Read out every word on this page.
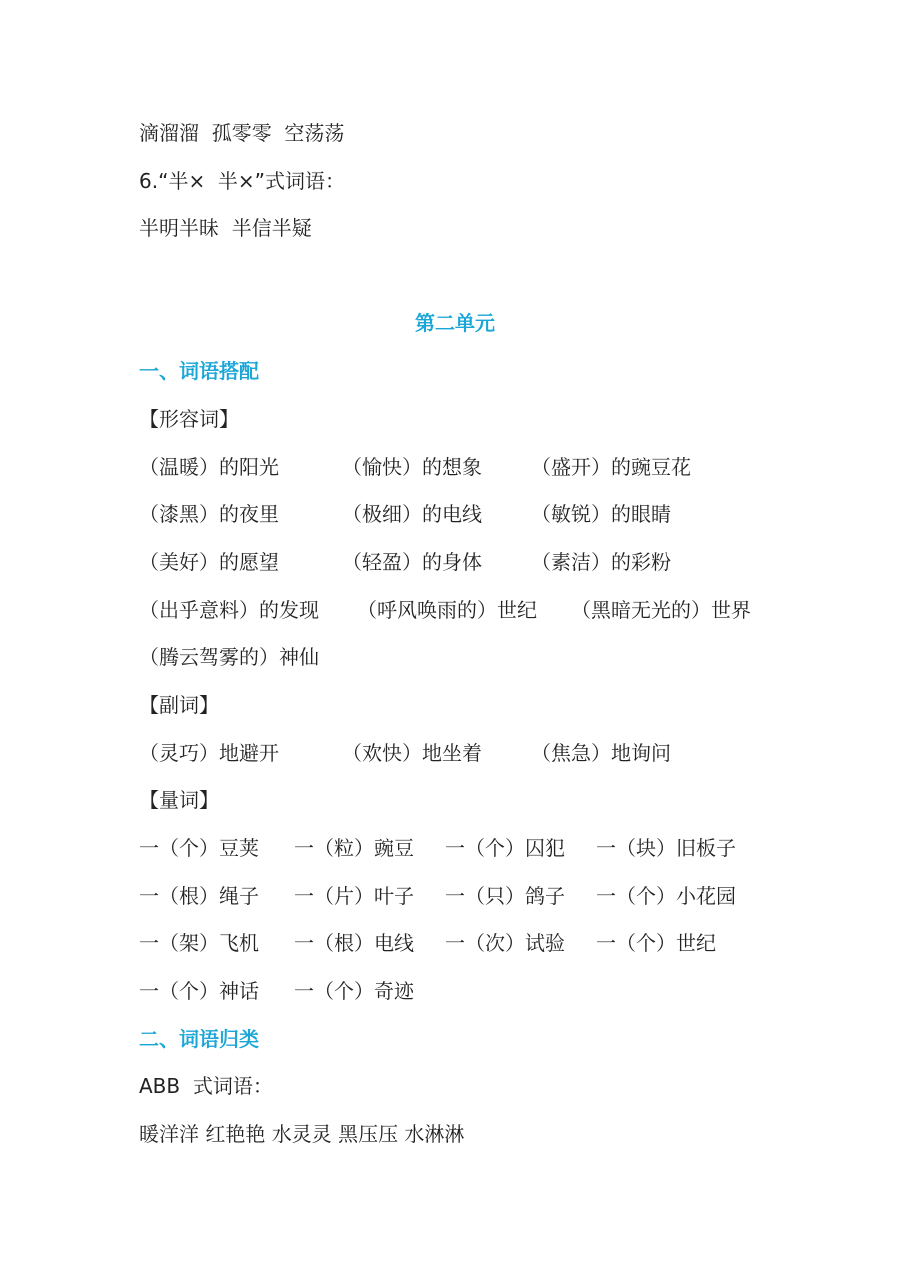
滴溜溜  孤零零  空荡荡
6.“半×  半×”式词语：
半明半昧  半信半疑
第二单元
一、词语搭配
【形容词】
（温暖）的阳光	（愉快）的想象 （盛开）的豌豆花
（漆黑）的夜里	（极细）的电线 （敏锐）的眼睛
（美好）的愿望	（轻盈）的身体 （素洁）的彩粉
（出乎意料）的发现 （呼风唤雨的）世纪 （黑暗无光的）世界
（腾云驾雾的）神仙
【副词】
（灵巧）地避开	（欢快）地坐着 （焦急）地询问
【量词】
一（个）豆荚 一（粒）豌豆 一（个）囚犯 一（块）旧板子
一（根）绳子 一（片）叶子 一（只）鸽子 一（个）小花园
一（架）飞机 一（根）电线 一（次）试验 一（个）世纪
一（个）神话 一（个）奇迹
二、词语归类
ABB  式词语：
暖洋洋 红艳艳 水灵灵 黑压压 水淋淋
